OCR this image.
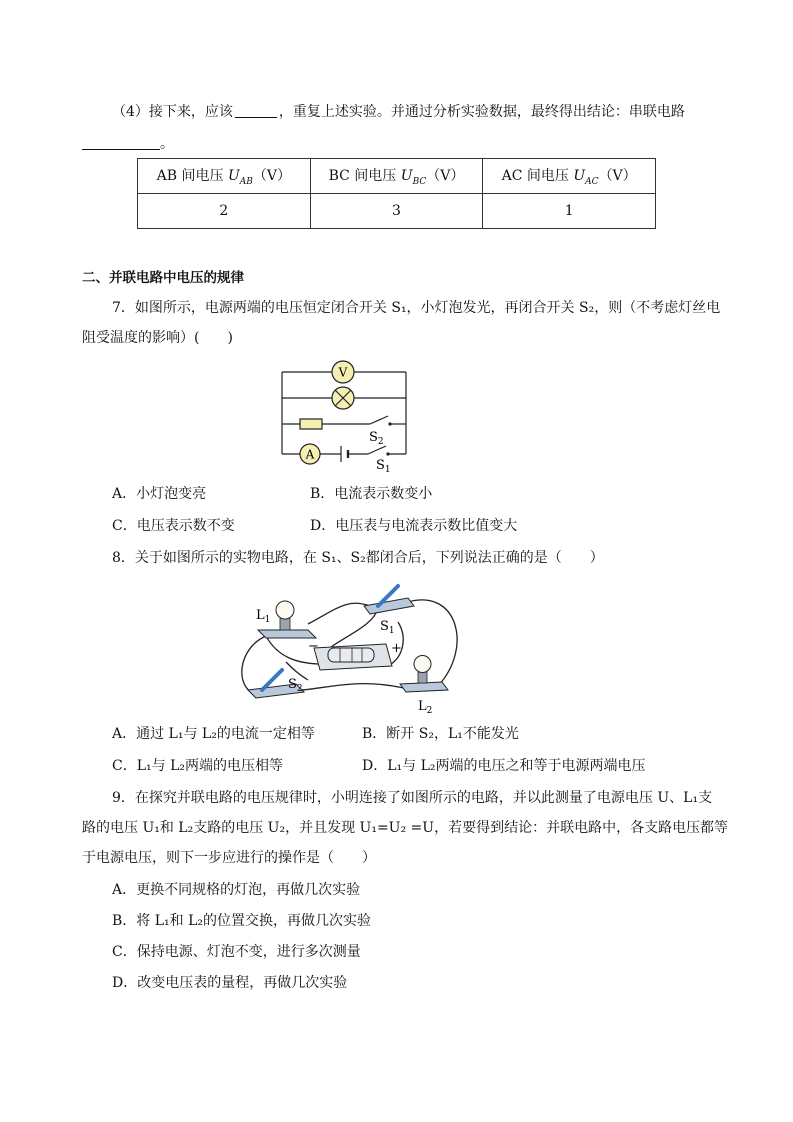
（4）接下来，应该	，重复上述实验。并通过分析实验数据，最终得出结论：串联电路
。
AB 间电压 $U_{AB}(V)$	BC 间电压 $U_{BC}(V)$	AC 间电压 $U_{AC}(V)$
2	3	1
二、并联电路中电压的规律
7．如图所示，电源两端的电压恒定闭合开关 S₁，小灯泡发光，再闭合开关 S₂，则（不考虑灯丝电
阻受温度的影响）(　　)
V
$S_2$
A
$S_1$
A．小灯泡变亮	B．电流表示数变小
C．电压表示数不变	D．电压表与电流表示数比值变大
8．关于如图所示的实物电路，在 S₁、S₂都闭合后，下列说法正确的是（　　）
$L_1$	$S_1$
−	+
$S_2$
$L_2$
A．通过 L₁与 L₂的电流一定相等	B．断开 S₂，L₁不能发光
C．L₁与 L₂两端的电压相等	D．L₁与 L₂两端的电压之和等于电源两端电压
9．在探究并联电路的电压规律时，小明连接了如图所示的电路，并以此测量了电源电压 U、L₁支
路的电压 U₁和 L₂支路的电压 U₂，并且发现 U₁=U₂ =U，若要得到结论：并联电路中，各支路电压都等
于电源电压，则下一步应进行的操作是（　　）
A．更换不同规格的灯泡，再做几次实验
B．将 L₁和 L₂的位置交换，再做几次实验
C．保持电源、灯泡不变，进行多次测量
D．改变电压表的量程，再做几次实验
